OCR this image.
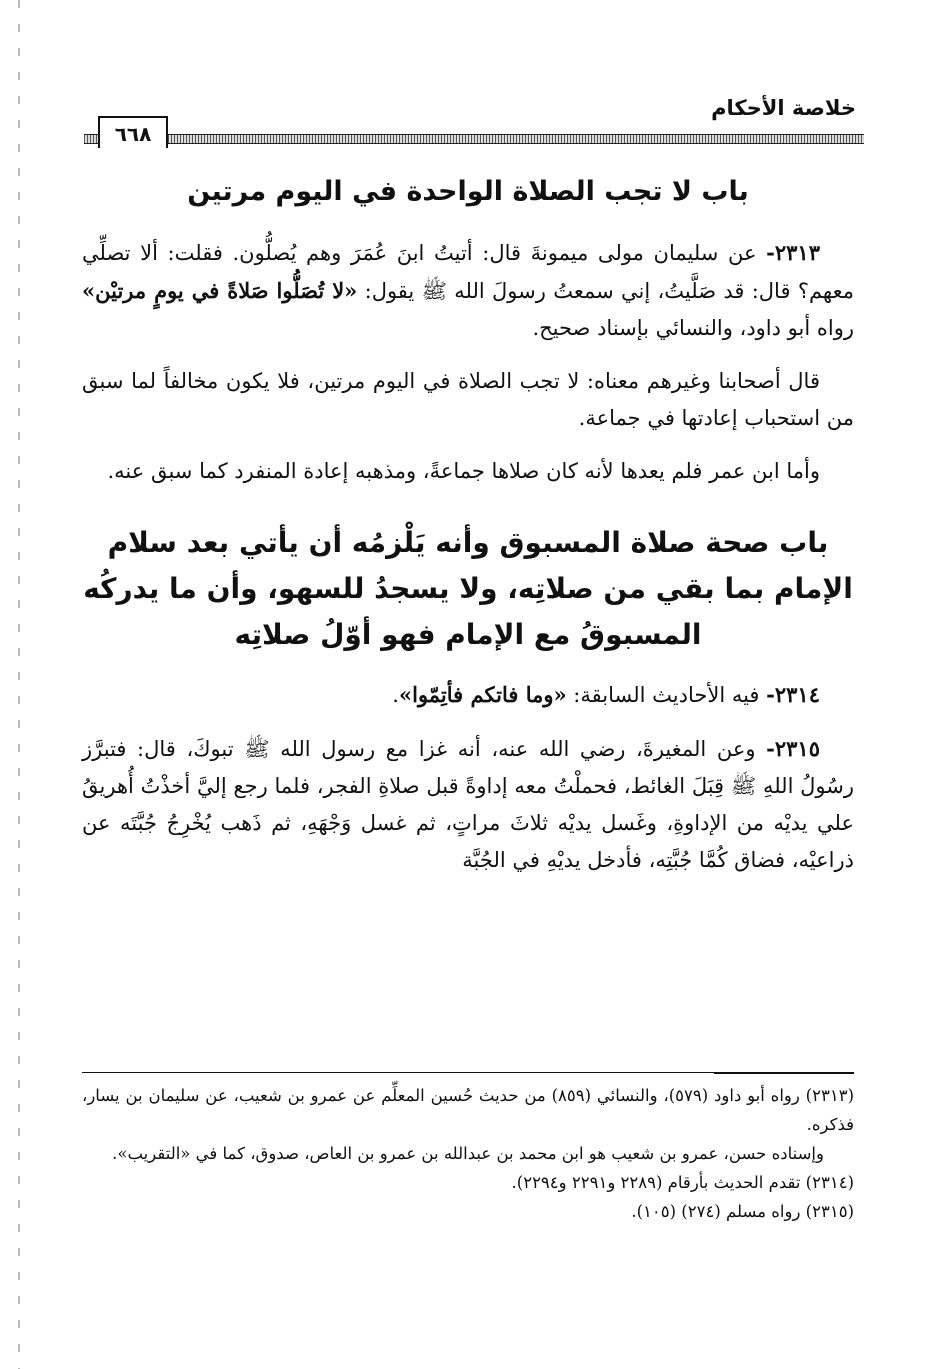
٦٦٨
خلاصة الأحكام
باب لا تجب الصلاة الواحدة في اليوم مرتين

٢٣١٣- عن سليمان مولى ميمونةَ قال: أتيتُ ابنَ عُمَرَ وهم يُصلُّون. فقلت: ألا تصلِّي معهم؟ قال: قد صَلَّيتُ، إني سمعتُ رسولَ الله ﷺ يقول: «لا تُصَلُّوا صَلاةً في يومٍ مرتيْن» رواه أبو داود، والنسائي بإسناد صحيح.

قال أصحابنا وغيرهم معناه: لا تجب الصلاة في اليوم مرتين، فلا يكون مخالفاً لما سبق من استحباب إعادتها في جماعة.

وأما ابن عمر فلم يعدها لأنه كان صلاها جماعةً، ومذهبه إعادة المنفرد كما سبق عنه.

باب صحة صلاة المسبوق وأنه يَلْزمُه أن يأتي بعد سلام الإمام بما بقي من صلاتِه، ولا يسجدُ للسهو، وأن ما يدركُه المسبوقُ مع الإمام فهو أوّلُ صلاتِه

٢٣١٤- فيه الأحاديث السابقة: «وما فاتكم فأتِمّوا».

٢٣١٥- وعن المغيرةَ، رضي الله عنه، أنه غزا مع رسول الله ﷺ تبوكَ، قال: فتبرَّز رسُولُ اللهِ ﷺ قِبَلَ الغائط، فحملْتُ معه إداوةً قبل صلاةِ الفجر، فلما رجع إليَّ أخذْتُ أُهريقُ علي يديْه من الإداوةِ، وغَسل يديْه ثلاثَ مراتٍ، ثم غسل وَجْهَهِ، ثم ذَهب يُخْرِجُ جُبَّتَه عن ذراعيْه، فضاق كُمَّا جُبَّتِه، فأدخل يديْهِ في الجُبَّة

(٢٣١٣) رواه أبو داود (٥٧٩)، والنسائي (٨٥٩) من حديث حُسين المعلِّم عن عمرو بن شعيب، عن سليمان بن يسار، فذكره.

وإسناده حسن، عمرو بن شعيب هو ابن محمد بن عبدالله بن عمرو بن العاص، صدوق، كما في «التقريب».

(٢٣١٤) تقدم الحديث بأرقام (٢٢٨٩ و٢٢٩١ و٢٢٩٤).

(٢٣١٥) رواه مسلم (٢٧٤) (١٠٥).
